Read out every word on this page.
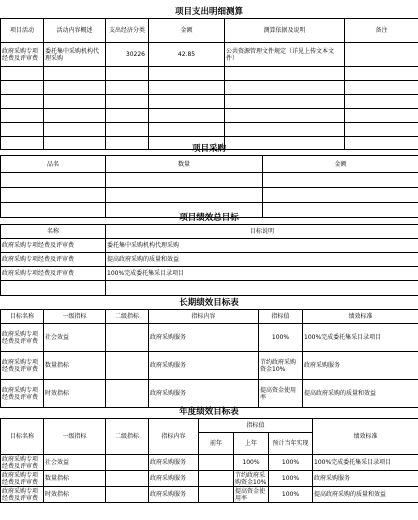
项目支出明细测算
项目活动	活动内容概述	支出经济分类	金额	测算依据及说明	备注
政府采购专项经费及评审费	委托集中采购机构代理采购	30226	42.85	公共资源管理文件规定（详见上传文本文件）	

项目采购
品名	数量	金额

项目绩效总目标
名称	目标说明
政府采购专项经费及评审费	委托集中采购机构代理采购
政府采购专项经费及评审费	提高政府采购的质量和效益
政府采购专项经费及评审费	100%完成委托集采目录项目

长期绩效目标表
目标名称	一级指标	二级指标	指标内容	指标值	绩效标准
政府采购专项经费及评审费	社会效益		政府采购服务	100%	100%完成委托集采目录项目
政府采购专项经费及评审费	数量指标		政府采购服务	节约政府采购资金10%	政府采购服务
政府采购专项经费及评审费	时效指标		政府采购服务	提高资金使用率	提高政府采购的质量和效益
年度绩效目标表
目标名称	一级指标	二级指标	指标内容	指标值			绩效标准
				前年	上年	预计当年实现	
政府采购专项经费及评审费	社会效益		政府采购服务		100%	100%	100%完成委托集采目录项目
政府采购专项经费及评审费	数量指标		政府采购服务		节约政府采购资金10%	100%	政府采购服务
政府采购专项经费及评审费	时效指标		政府采购服务		提高资金使用率	100%	提高政府采购的质量和效益
